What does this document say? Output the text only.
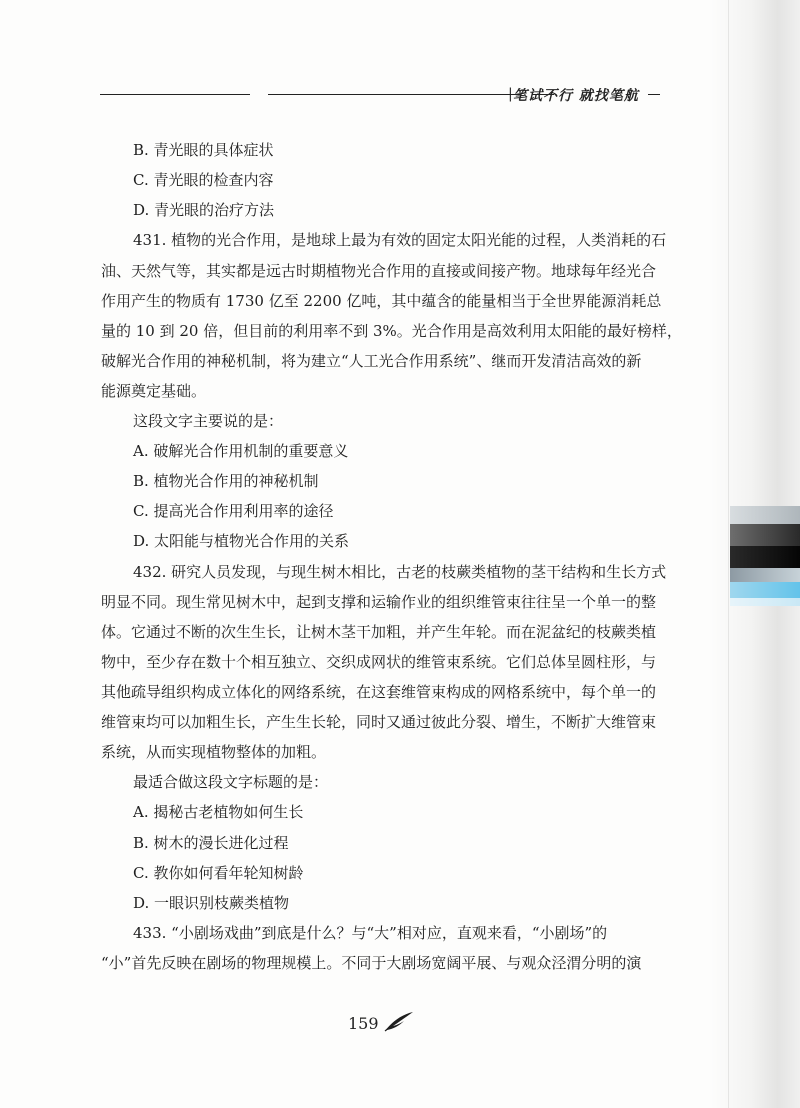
| 笔试不行 就找笔航
B. 青光眼的具体症状
C. 青光眼的检查内容
D. 青光眼的治疗方法
431. 植物的光合作用，是地球上最为有效的固定太阳光能的过程，人类消耗的石
油、天然气等，其实都是远古时期植物光合作用的直接或间接产物。地球每年经光合
作用产生的物质有 1730 亿至 2200 亿吨，其中蕴含的能量相当于全世界能源消耗总
量的 10 到 20 倍，但目前的利用率不到 3%。光合作用是高效利用太阳能的最好榜样，
破解光合作用的神秘机制，将为建立“人工光合作用系统”、继而开发清洁高效的新
能源奠定基础。
这段文字主要说的是：
A. 破解光合作用机制的重要意义
B. 植物光合作用的神秘机制
C. 提高光合作用利用率的途径
D. 太阳能与植物光合作用的关系
432. 研究人员发现，与现生树木相比，古老的枝蕨类植物的茎干结构和生长方式
明显不同。现生常见树木中，起到支撑和运输作业的组织维管束往往呈一个单一的整
体。它通过不断的次生生长，让树木茎干加粗，并产生年轮。而在泥盆纪的枝蕨类植
物中，至少存在数十个相互独立、交织成网状的维管束系统。它们总体呈圆柱形，与
其他疏导组织构成立体化的网络系统，在这套维管束构成的网格系统中，每个单一的
维管束均可以加粗生长，产生生长轮，同时又通过彼此分裂、增生，不断扩大维管束
系统，从而实现植物整体的加粗。
最适合做这段文字标题的是：
A. 揭秘古老植物如何生长
B. 树木的漫长进化过程
C. 教你如何看年轮知树龄
D. 一眼识别枝蕨类植物
433. “小剧场戏曲”到底是什么？与“大”相对应，直观来看，“小剧场”的
“小”首先反映在剧场的物理规模上。不同于大剧场宽阔平展、与观众泾渭分明的演
159
